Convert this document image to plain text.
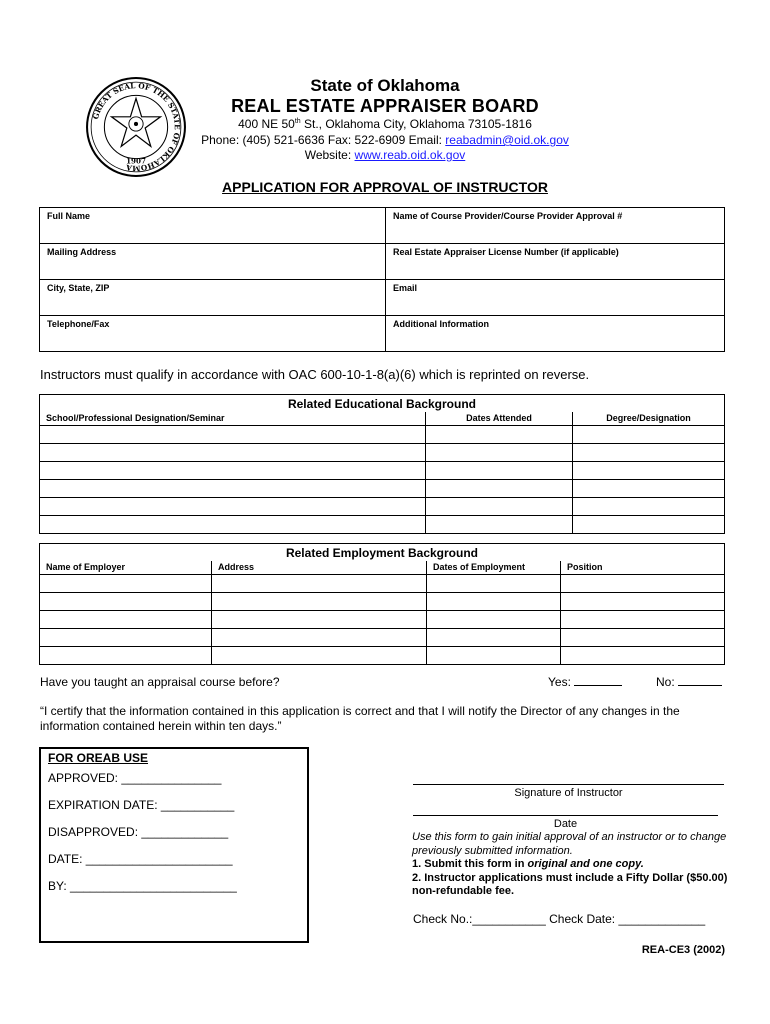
GREAT SEAL OF THE STATE OF OKLAHOMA
1907
State of Oklahoma
REAL ESTATE APPRAISER BOARD
400 NE 50th St., Oklahoma City, Oklahoma 73105-1816
Phone: (405) 521-6636 Fax: 522-6909 Email: reabadmin@oid.ok.gov
Website: www.reab.oid.ok.gov
APPLICATION FOR APPROVAL OF INSTRUCTOR
Full Name	Name of Course Provider/Course Provider Approval #
Mailing Address	Real Estate Appraiser License Number (if applicable)
City, State, ZIP	Email
Telephone/Fax	Additional Information
Instructors must qualify in accordance with OAC 600-10-1-8(a)(6) which is reprinted on reverse.
Related Educational Background		
School/Professional Designation/Seminar	Dates Attended	Degree/Designation

Related Employment Background			
Name of Employer	Address	Dates of Employment	Position

Have you taught an appraisal course before?	Yes:	No:
“I certify that the information contained in this application is correct and that I will notify the Director of any changes in the information contained herein within ten days.”
FOR OREAB USE
APPROVED: _______________
EXPIRATION DATE: ___________
DISAPPROVED: _____________
DATE: ______________________
BY: _________________________
Signature of Instructor
Date
Use this form to gain initial approval of an instructor or to change previously submitted information.
1. Submit this form in original and one copy.
2. Instructor applications must include a Fifty Dollar ($50.00) non-refundable fee.
Check No.:___________ Check Date: _____________
REA-CE3 (2002)
